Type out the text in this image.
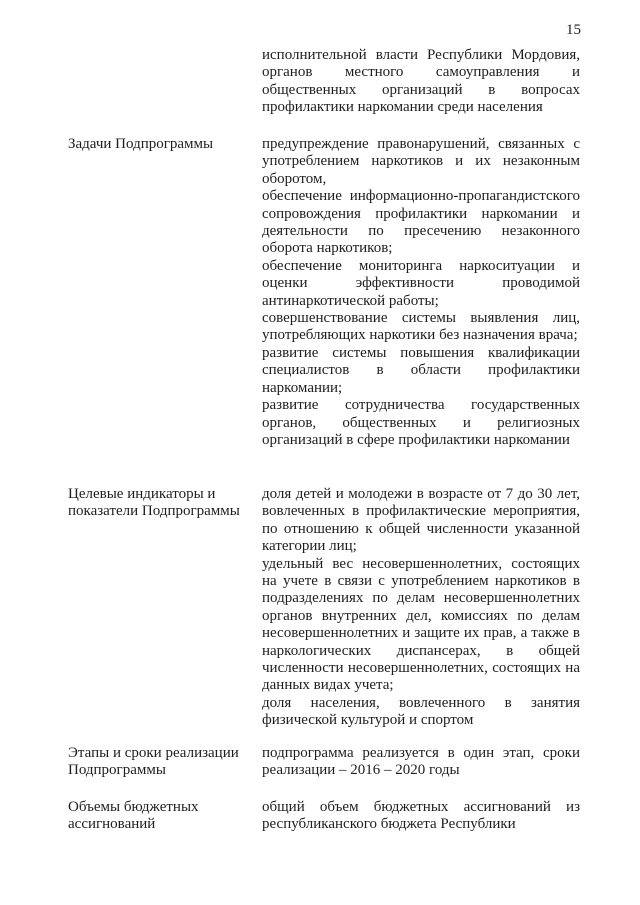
15

исполнительной власти Республики Мордовия, органов местного самоуправления и общественных организаций в вопросах профилактики наркомании среди населения

Задачи Подпрограммы	предупреждение правонарушений, связанных с употреблением наркотиков и их незаконным оборотом,

обеспечение информационно-пропагандистского сопровождения профилактики наркомании и деятельности по пресечению незаконного оборота наркотиков;

обеспечение мониторинга наркоситуации и оценки эффективности проводимой антинаркотической работы;

совершенствование системы выявления лиц, употребляющих наркотики без назначения врача;

развитие системы повышения квалификации специалистов в области профилактики наркомании;

развитие сотрудничества государственных органов, общественных и религиозных организаций в сфере профилактики наркомании

Целевые индикаторы и показатели Подпрограммы

доля детей и молодежи в возрасте от 7 до 30 лет, вовлеченных в профилактические мероприятия, по отношению к общей численности указанной категории лиц;

удельный вес несовершеннолетних, состоящих на учете в связи с употреблением наркотиков в подразделениях по делам несовершеннолетних органов внутренних дел, комиссиях по делам несовершеннолетних и защите их прав, а также в наркологических диспансерах, в общей численности несовершеннолетних, состоящих на данных видах учета;

доля населения, вовлеченного в занятия физической культурой и спортом

Этапы и сроки реализации Подпрограммы

подпрограмма реализуется в один этап, сроки реализации – 2016 – 2020 годы

Объемы бюджетных ассигнований

общий объем бюджетных ассигнований из республиканского бюджета Республики
